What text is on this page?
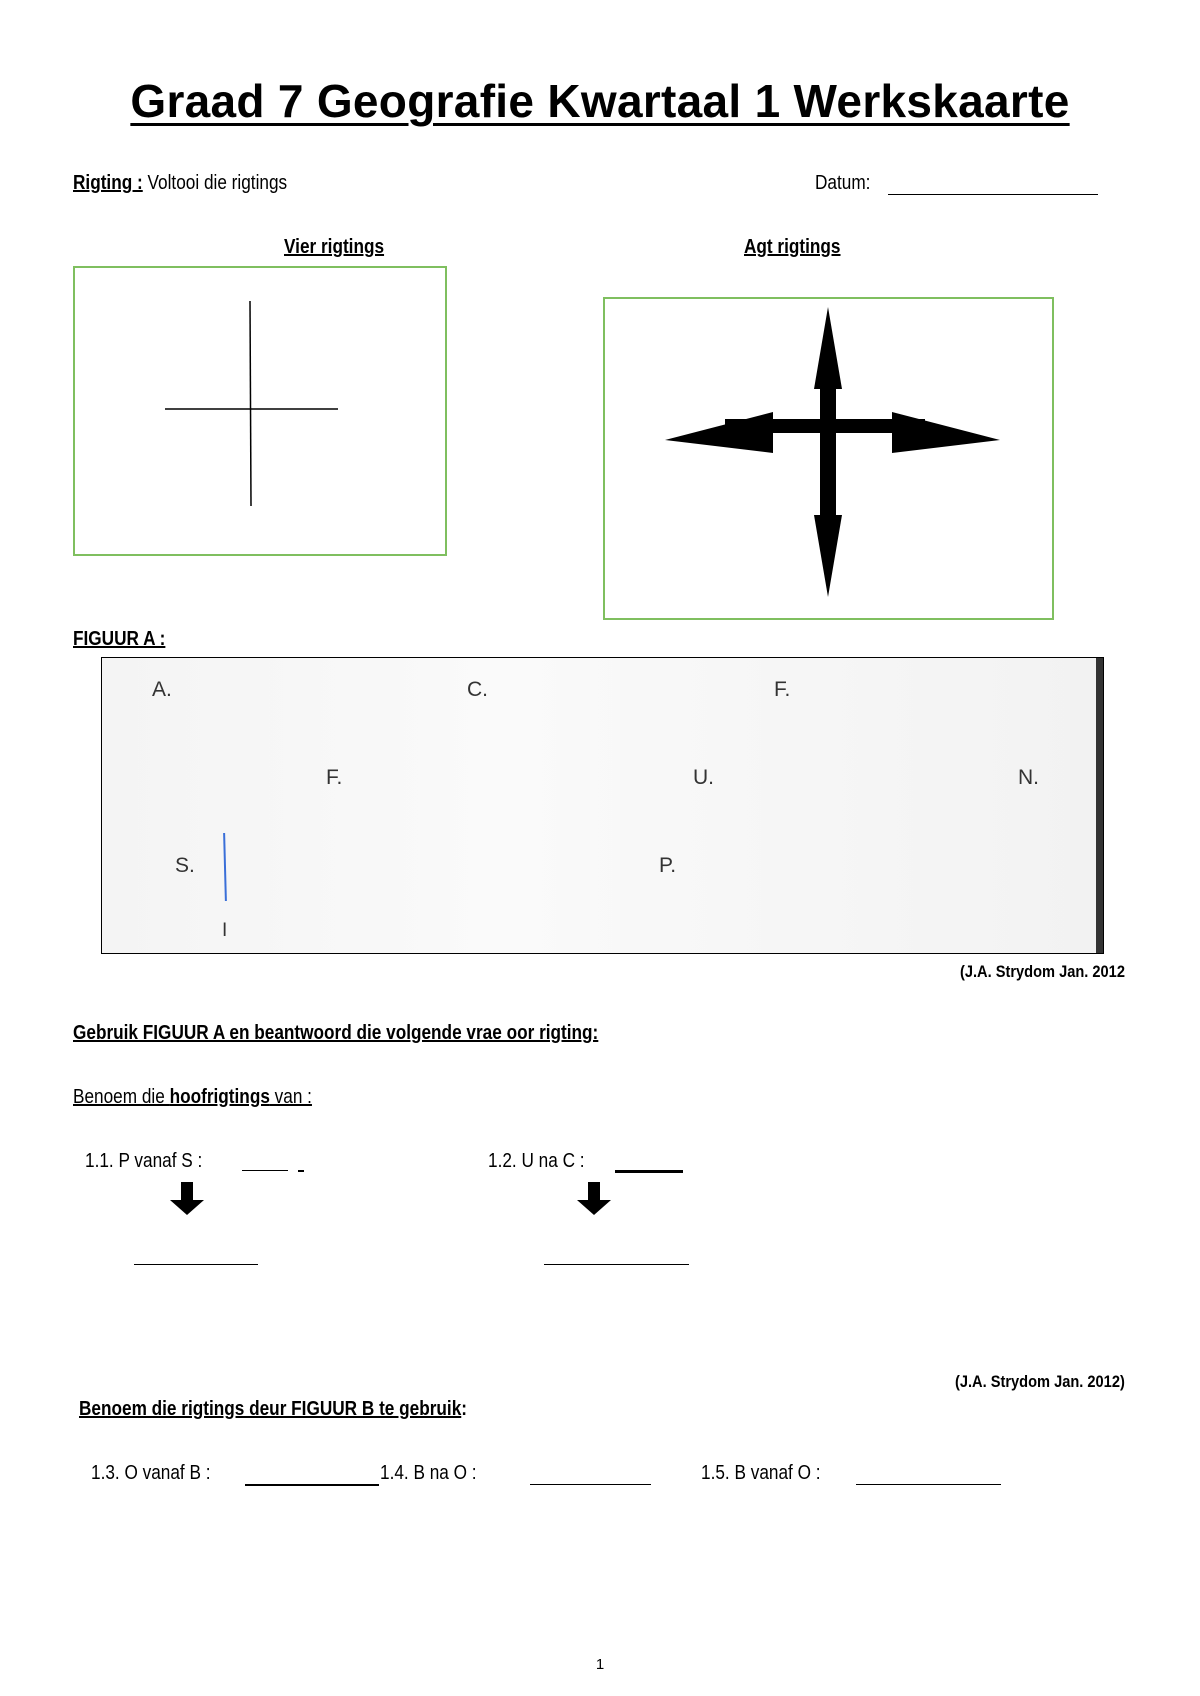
Graad 7 Geografie Kwartaal 1 Werkskaarte
Rigting : Voltooi die rigtings	Datum:
Vier rigtings	Agt rigtings
FIGUUR A :
A.	C.	F.
F.	U.	N.
S.	P.
I
(J.A. Strydom Jan. 2012
Gebruik FIGUUR A en beantwoord die volgende vrae oor rigting:
Benoem die hoofrigtings van :
1.1. P vanaf S :	1.2. U na C :
(J.A. Strydom Jan. 2012)
Benoem die rigtings deur FIGUUR B te gebruik:
1.3. O vanaf B :	1.4. B na O :	1.5. B vanaf O :
1
